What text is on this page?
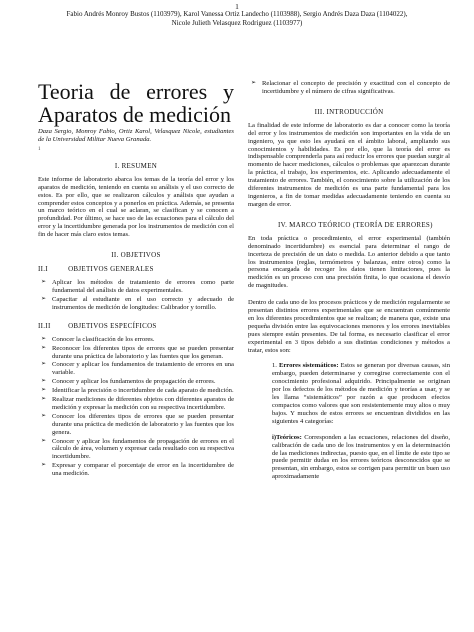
1
Fabio Andrés Monroy Bustos (1103979), Karol Vanessa Ortiz Landecho (1103988), Sergio Andrés Daza Daza (1104022),
Nicole Julieth Velasquez Rodriguez (1103977)
Teoria de errores y
Aparatos de medición

Daza Sergio, Monroy Fabio, Ortiz Karol, Velasquez Nicole, estudiantes de la Universidad Militar Nueva Granada.

1
I. RESUMEN

Este informe de laboratorio abarca los temas de la teoría del error y los aparatos de medición, teniendo en cuenta su análisis y el uso correcto de estos. Es por ello, que se realizaron cálculos y análisis que ayudan a comprender estos conceptos y a ponerlos en práctica. Además, se presenta un marco teórico en el cual se aclaran, se clasifican y se conocen a profundidad. Por último, se hace uso de las ecuaciones para el cálculo del error y la incertidumbre generada por los instrumentos de medición con el fin de hacer más claro estos temas.

II. OBJETIVOS
II.I	OBJETIVOS GENERALES
➢ Aplicar los métodos de tratamiento de errores como parte fundamental del análisis de datos experimentales.
➢ Capacitar al estudiante en el uso correcto y adecuado de instrumentos de medición de longitudes: Calibrador y tornillo.
II.II OBJETIVOS ESPECÍFICOS
➢ Conocer la clasificación de los errores.
➢ Reconocer los diferentes tipos de errores que se pueden presentar durante una práctica de laboratorio y las fuentes que los generan.
➢ Conocer y aplicar los fundamentos de tratamiento de errores en una variable.
➢ Conocer y aplicar los fundamentos de propagación de errores.
➢ Identificar la precisión o incertidumbre de cada aparato de medición.
➢ Realizar mediciones de diferentes objetos con diferentes aparatos de medición y expresar la medición con su respectiva incertidumbre.
➢ Conocer los diferentes tipos de errores que se pueden presentar durante una práctica de medición de laboratorio y las fuentes que los genera.
➢ Conocer y aplicar los fundamentos de propagación de errores en el cálculo de área, volumen y expresar cada resultado con su respectiva incertidumbre.
➢ Expresar y comparar el porcentaje de error en la incertidumbre de una medición.
➢ Relacionar el concepto de precisión y exactitud con el concepto de incertidumbre y el número de cifras significativas.
III. INTRODUCCIÓN

La finalidad de este informe de laboratorio es dar a conocer como la teoría del error y los instrumentos de medición son importantes en la vida de un ingeniero, ya que esto les ayudará en el ámbito laboral, ampliando sus conocimientos y habilidades. Es por ello, que la teoría del error es indispensable comprenderla para así reducir los errores que puedan surgir al momento de hacer mediciones, cálculos o problemas que aparezcan durante la práctica, el trabajo, los experimentos, etc. Aplicando adecuadamente el tratamiento de errores. También, el conocimiento sobre la utilización de los diferentes instrumentos de medición es una parte fundamental para los ingenieros, a fin de tomar medidas adecuadamente teniendo en cuenta su margen de error.

IV. MARCO TEÓRICO (TEORÍA DE ERRORES)

En toda práctica o procedimiento, el error experimental (también denominado incertidumbre) es esencial para determinar el rango de incerteza de precisión de un dato o medida. Lo anterior debido a que tanto los instrumentos (reglas, termómetros y balanzas, entre otros) como la persona encargada de recoger los datos tienen limitaciones, pues la medición es un proceso con una precisión finita, lo que ocasiona el desvío de magnitudes.

Dentro de cada uno de los procesos prácticos y de medición regularmente se presentan distintos errores experimentales que se encuentran comúnmente en los diferentes procedimientos que se realizan; de manera que, existe una pequeña división entre las equivocaciones menores y los errores inevitables pues siempre están presentes. De tal forma, es necesario clasificar el error experimental en 3 tipos debido a sus distintas condiciones y métodos a tratar, estos son:

1. Errores sistemáticos: Estos se generan por diversas causas, sin embargo, pueden determinarse y corregirse correctamente con el conocimiento profesional adquirido. Principalmente se originan por los defectos de los métodos de medición y teorías a usar, y se les llama “sistemáticos” por razón a que producen efectos compactos como valores que son resistentemente muy altos o muy bajos. Y muchos de estos errores se encuentran divididos en las siguientes 4 categorías:

i)Teóricos: Corresponden a las ecuaciones, relaciones del diseño, calibración de cada uno de los instrumentos y en la determinación de las mediciones indirectas, puesto que, en el límite de este tipo se puede permitir dudas en los errores teóricos desconocidos que se presentan, sin embargo, estos se corrigen para permitir un buen uso aproximadamente
